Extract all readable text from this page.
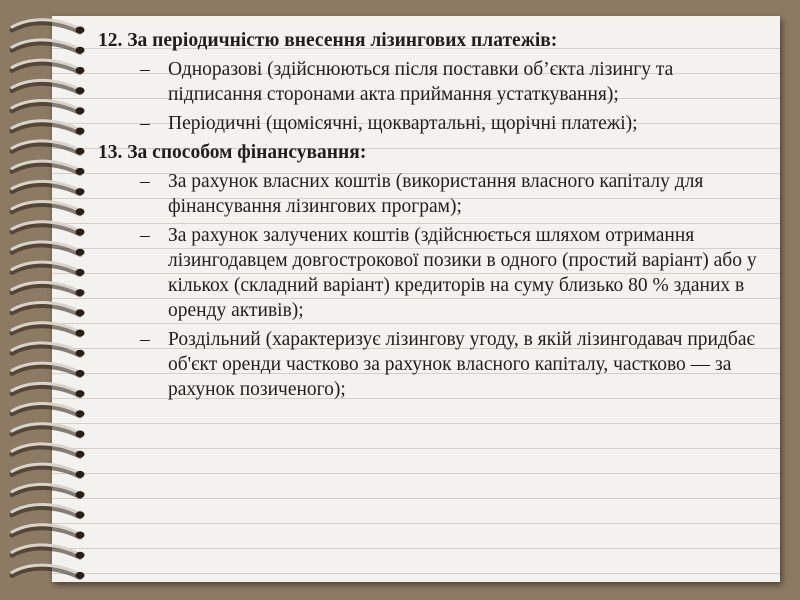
12. За періодичністю внесення лізингових платежів:
– Одноразові (здійснюються після поставки об’єкта лізингу та підписання сторонами акта приймання устаткування);
– Періодичні (щомісячні, щоквартальні, щорічні платежі);
13. За способом фінансування:
– За рахунок власних коштів (використання власного капіталу для фінансування лізингових програм);
– За рахунок залучених коштів (здійснюється шляхом отримання лізингодавцем довгострокової позики в одного (простий варіант) або у кількох (складний варіант) кредиторів на суму близько 80 % зданих в оренду активів);
– Роздільний (характеризує лізингову угоду, в якій лізингодавач придбає об'єкт оренди частково за рахунок власного капіталу, частково — за рахунок позиченого);
